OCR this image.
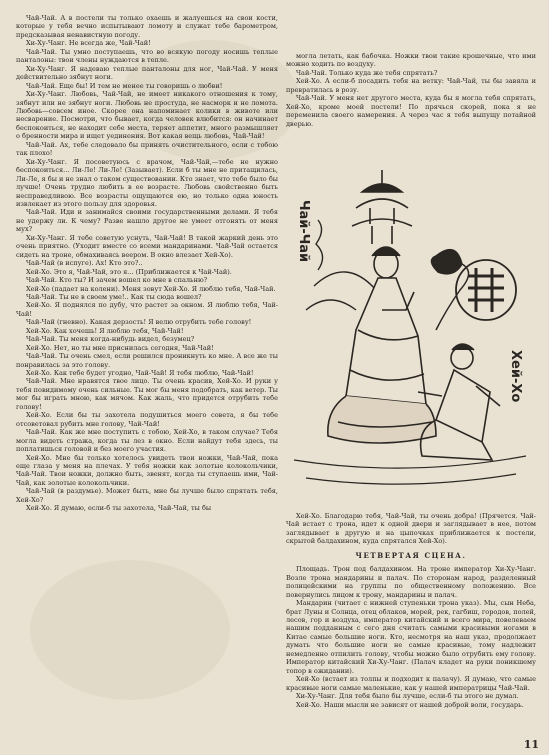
Чай-Чай. А в постели ты только охаешь и жалуешься на свои кости, которые у тебя вечно испытывают ломоту и служат тебе барометром, предсказывая ненавистную погоду.

Хи-Ху-Чанг. Не всегда же, Чай-Чай!

Чай-Чай. Ты умно поступаешь, что во всякую погоду носишь теплые панталоны: твои члены нуждаются в тепле.

Хи-Ху-Чанг. Я надеваю теплые панталоны для ног, Чай-Чай. У меня действительно зябнут ноги.

Чай-Чай. Еще бы! И тем не менее ты говоришь о любви!

Хи-Ху-Чанг. Любовь, Чай-Чай, не имеет никакого отношения к тому, зябнут или не зябнут ноги. Любовь не простуда, не насморк и не ломота. Любовь—совсем иное. Скорее она напоминает колики в животе или несварение. Посмотри, что бывает, когда человек влюбится: он начинает беспокоиться, не находит себе места, теряет аппетит, много размышляет о бренности мира и ищет уединения. Вот какая вещь любовь, Чай-Чай!

Чай-Чай. Ах, тебе следовало бы принять очистительного, если с тобою так плохо!

Хи-Ху-Чанг. Я посоветуюсь с врачом, Чай-Чай,—тебе не нужно беспокоиться... Ли-Ле! Ли-Ле! (Зазывает). Если б ты мне не притащилась, Ли-Ле, я бы и не знал о таком существовании. Кто знает, что тебе было бы лучше! Очень трудно любить в ее возрасте. Любовь свойственно быть несправедливою. Все возрасты ощущаются ею, но только одна юность извлекает из этого пользу для здоровья.

Чай-Чай. Иди и занимайся своими государственными делами. Я тебя не удержу ли. К чему? Разве нашло другое не умеет отгонять от меня мух?

Хи-Ху-Чанг. Я тебе советую уснуть, Чай-Чай! В такой жаркий день это очень приятно. (Уходит вместе со всеми мандаринами. Чай-Чай остается сидеть на троне, обмахиваясь веером. В окно влезает Хей-Хо).

Чай-Чай (в испуге). Ах! Кто это?..

Хей-Хо. Это я, Чай-Чай, это я... (Приближается к Чай-Чай).

Чай-Чай. Кто ты? И зачем вошел ко мне в спальню?

Хей-Хо (падает на колени). Меня зовут Хей-Хо. Я люблю тебя, Чай-Чай.

Чай-Чай. Ты не в своем уме!.. Как ты сюда вошел?

Хей-Хо. Я поднялся по дубу, что растет за окном. Я люблю тебя, Чай-Чай!

Чай-Чай (гневно). Какая дерзость! Я велю отрубить тебе голову!

Хей-Хо. Как хочешь! Я люблю тебя, Чай-Чай!

Чай-Чай. Ты меня когда-нибудь видел, безумец?

Хей-Хо. Нет, но ты мне приснилась сегодня, Чай-Чай!

Чай-Чай. Ты очень смел, если решился проникнуть ко мне. А все же ты понравилась за это голову.

Хей-Хо. Как тебе будет угодно, Чай-Чай! Я тебя люблю, Чай-Чай!

Чай-Чай. Мне нравятся твое лицо. Ты очень красив, Хей-Хо. И руки у тебя повидимому очень сильные. Ты мог бы меня подобрать, как ветер. Ты мог бы играть мною, как мячом. Как жаль, что придется отрубить тебе голову!

Хей-Хо. Если бы ты захотела подушиться моего совета, я бы тебе отсоветовал рубить мне голову, Чай-Чай!

Чай-Чай. Как же мне поступить с тобою, Хей-Хо, в таком случае? Тебя могла видеть стража, когда ты лез в окно. Если найдут тебя здесь, ты поплатишься головой и без моего участия.

Хей-Хо. Мне бы только хотелось увидеть твои ножки, Чай-Чай, пока еще глаза у меня на плечах. У тебя ножки как золотые колокольчики, Чай-Чай. Твои ножки, должно быть, звенят, когда ты ступаешь ими, Чай-Чай, как золотые колокольчики.

Чай-Чай (в раздумье). Может быть, мне бы лучше было спрятать тебя, Хей-Хо?

Хей-Хо. Я думаю, если-б ты захотела, Чай-Чай, ты бы

могла летать, как бабочка. Ножки твои такие крошечные, что ими можно ходить по воздуху.

Чай-Чай. Только куда же тебя спрятать?

Хей-Хо. А если-б посадить тебя на ветку: Чай-Чай, ты бы завяла и превратилась в розу.

Чай-Чай. У меня нет другого места, куда бы я могла тебя спрятать, Хей-Хо, кроме моей постели! По прячься скорей, пока я не переменила своего намерения. А через час я тебя выпущу потайной дверью.

Чай-Чай
Хей-Хо

Хей-Хо. Благодарю тебя, Чай-Чай, ты очень добра! (Прячется. Чай-Чай встает с трона, идет к одной двери и заглядывает в нее, потом заглядывает в другую и на цыпочках приближается к постели, скрытой балдахином, куда спрятался Хей-Хо).

ЧЕТВЕРТАЯ СЦЕНА.

Площадь. Трон под балдахином. На троне император Хи-Ху-Чанг. Возле трона мандарины и палач. По сторонам народ, разделенный полицейскими на группы по общественному положению. Все повернулись лицом к трону, мандарины и палач.

Мандарин (читает с нижней ступеньки трона указ). Мы, сын Неба, брат Луны и Солнца, отец облаков, морей, рек, гагбиш, городов, полей, лесов, гор и воздуха, император китайский и всего мира, повелеваем нашим подданным с сего дня считать самыми красивыми ногами в Китае самые большие ноги. Кто, несмотря на наш указ, продолжает думать что большие ноги не самые красивые, тому надлежит немедленно отпилить голову, чтобы можно было отрубить ему голову. Император китайский Хи-Ху-Чанг. (Палач кладет на руки поникшему топор в ожидании).

Хей-Хо (встает из толпы и подходит к палачу). Я думаю, что самые красивые ноги самые маленькие, как у нашей императрицы Чай-Чай.

Хи-Ху-Чанг. Для тебя было бы лучше, если-б ты этого не думал.

Хей-Хо. Наши мысли не зависят от нашей доброй воли, государь.

11
